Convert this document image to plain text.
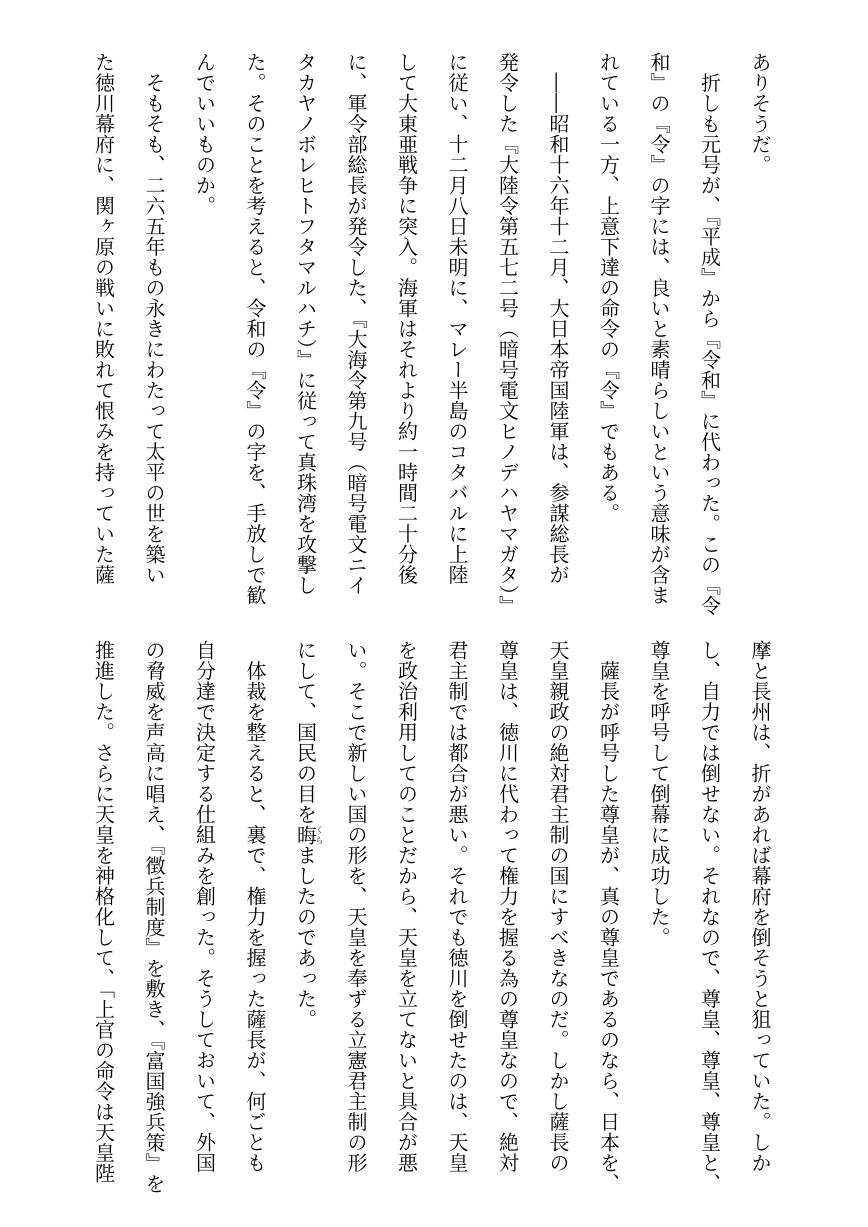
ありそうだ。
　折しも元号が、『平成』から『令和』に代わった。この『令
和』の『令』の字には、良いと素晴らしいという意味が含ま
れている一方、上意下達の命令の『令』でもある。
　――昭和十六年十二月、大日本帝国陸軍は、参謀総長が
発令した『大陸令第五七二号（暗号電文ヒノデハヤマガタ）』
に従い、十二月八日未明に、マレー半島のコタバルに上陸
して大東亜戦争に突入。海軍はそれより約一時間二十分後
に、軍令部総長が発令した、『大海令第九号（暗号電文ニイ
タカヤノボレヒトフタマルハチ）』に従って真珠湾を攻撃し
た。そのことを考えると、令和の『令』の字を、手放しで歓
んでいいものか。
　そもそも、二六五年もの永きにわたって太平の世を築い
た徳川幕府に、関ヶ原の戦いに敗れて恨みを持っていた薩
摩と長州は、折があれば幕府を倒そうと狙っていた。しか
し、自力では倒せない。それなので、尊皇、尊皇、尊皇と、
尊皇を呼号して倒幕に成功した。
　薩長が呼号した尊皇が、真の尊皇であるのなら、日本を、
天皇親政の絶対君主制の国にすべきなのだ。しかし薩長の
尊皇は、徳川に代わって権力を握る為の尊皇なので、絶対
君主制では都合が悪い。それでも徳川を倒せたのは、天皇
を政治利用してのことだから、天皇を立てないと具合が悪
い。そこで新しい国の形を、天皇を奉ずる立憲君主制の形
にして、国民の目を晦くらましたのであった。
　体裁を整えると、裏で、権力を握った薩長が、何ごとも
自分達で決定する仕組みを創った。そうしておいて、外国
の脅威を声高に唱え、『徴兵制度』を敷き、『富国強兵策』を
推進した。さらに天皇を神格化して、「上官の命令は天皇陛
